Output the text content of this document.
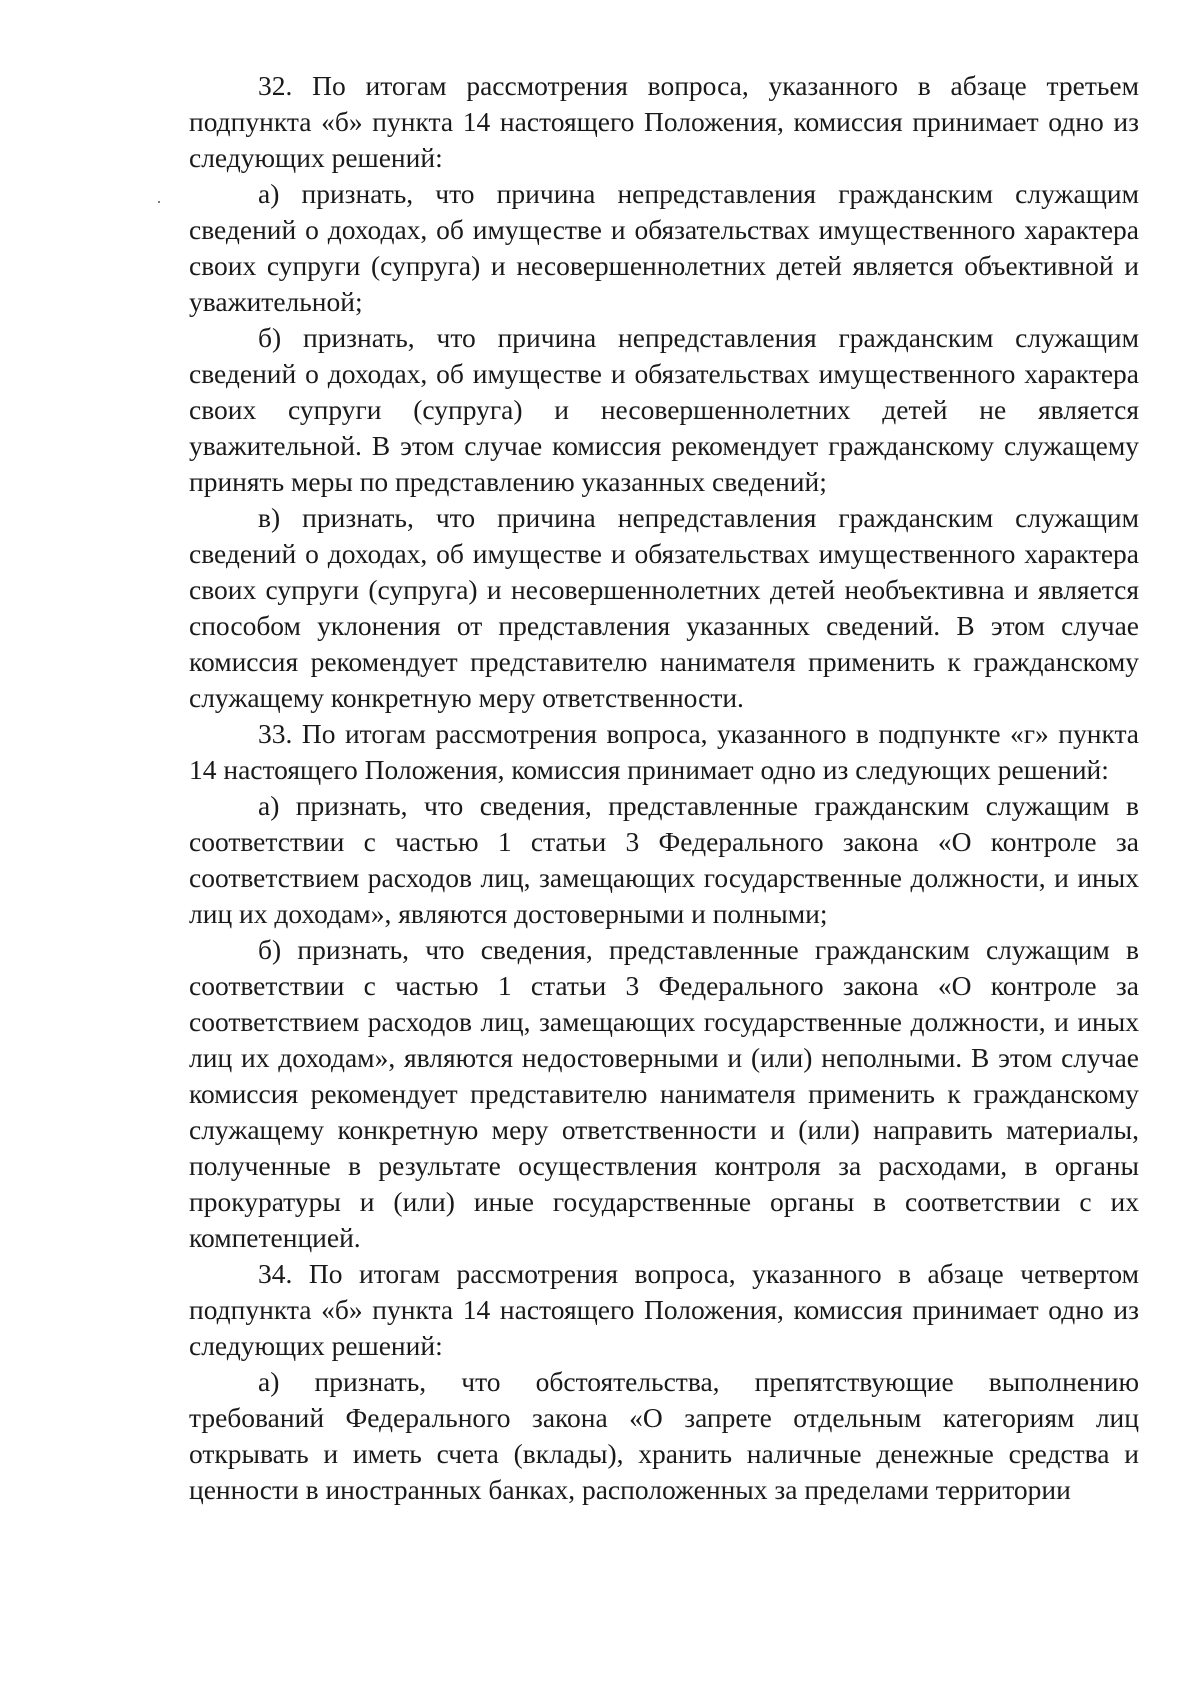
32. По итогам рассмотрения вопроса, указанного в абзаце третьем подпункта «б» пункта 14 настоящего Положения, комиссия принимает одно из следующих решений:

а) признать, что причина непредставления гражданским служащим сведений о доходах, об имуществе и обязательствах имущественного характера своих супруги (супруга) и несовершеннолетних детей является объективной и уважительной;

б) признать, что причина непредставления гражданским служащим сведений о доходах, об имуществе и обязательствах имущественного характера своих супруги (супруга) и несовершеннолетних детей не является уважительной. В этом случае комиссия рекомендует гражданскому служащему принять меры по представлению указанных сведений;

в) признать, что причина непредставления гражданским служащим сведений о доходах, об имуществе и обязательствах имущественного характера своих супруги (супруга) и несовершеннолетних детей необъективна и является способом уклонения от представления указанных сведений. В этом случае комиссия рекомендует представителю нанимателя применить к гражданскому служащему конкретную меру ответственности.

33. По итогам рассмотрения вопроса, указанного в подпункте «г» пункта 14 настоящего Положения, комиссия принимает одно из следующих решений:

а) признать, что сведения, представленные гражданским служащим в соответствии с частью 1 статьи 3 Федерального закона «О контроле за соответствием расходов лиц, замещающих государственные должности, и иных лиц их доходам», являются достоверными и полными;

б) признать, что сведения, представленные гражданским служащим в соответствии с частью 1 статьи 3 Федерального закона «О контроле за соответствием расходов лиц, замещающих государственные должности, и иных лиц их доходам», являются недостоверными и (или) неполными. В этом случае комиссия рекомендует представителю нанимателя применить к гражданскому служащему конкретную меру ответственности и (или) направить материалы, полученные в результате осуществления контроля за расходами, в органы прокуратуры и (или) иные государственные органы в соответствии с их компетенцией.

34. По итогам рассмотрения вопроса, указанного в абзаце четвертом подпункта «б» пункта 14 настоящего Положения, комиссия принимает одно из следующих решений:

а) признать, что обстоятельства, препятствующие выполнению требований Федерального закона «О запрете отдельным категориям лиц открывать и иметь счета (вклады), хранить наличные денежные средства и ценности в иностранных банках, расположенных за пределами территории
